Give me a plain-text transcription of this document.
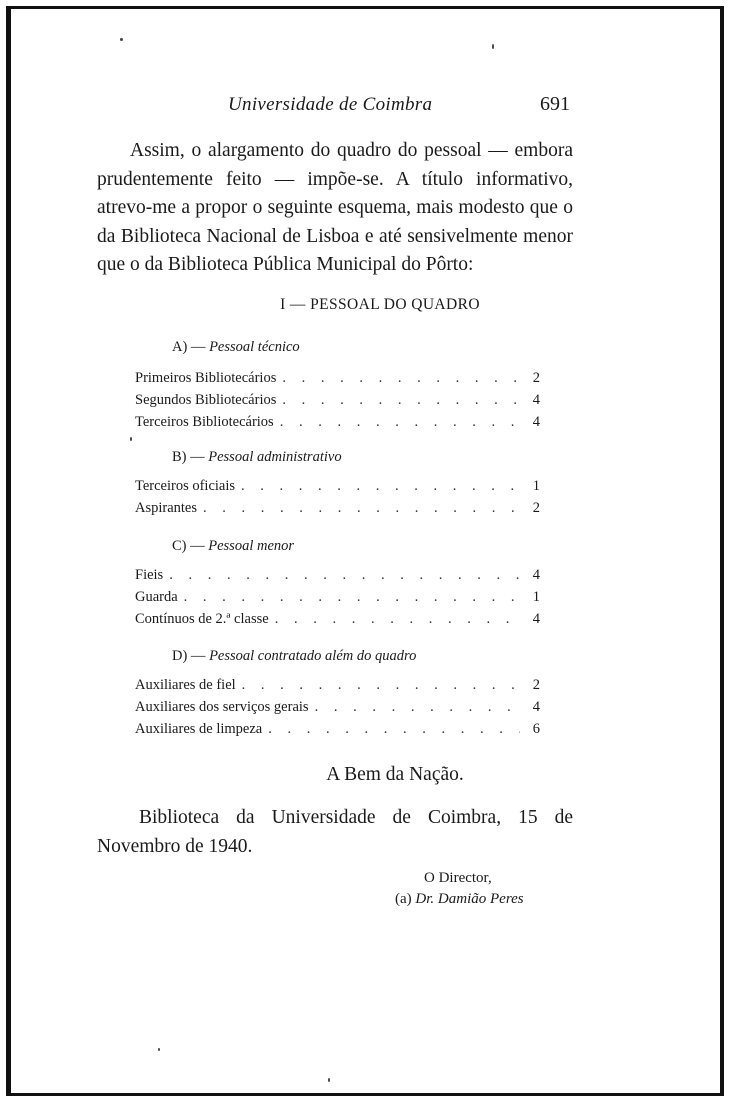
Universidade de Coimbra	691

Assim, o alargamento do quadro do pessoal — embora prudentemente feito — impõe-se. A título informativo, atrevo-me a propor o seguinte esquema, mais modesto que o da Biblioteca Nacional de Lisboa e até sensivelmente menor que o da Biblioteca Pública Municipal do Pôrto:

I — PESSOAL DO QUADRO
A) — Pessoal técnico
Primeiros Bibliotecários . . .	2
Segundos Bibliotecários . . .	4
Terceiros Bibliotecários . . .	4
B) — Pessoal administrativo
Terceiros oficiais . . .	1
Aspirantes . . .	2
C) — Pessoal menor
Fieis . . .	4
Guarda . . .	1
Contínuos de 2.ª classe . . .	4
D) — Pessoal contratado além do quadro
Auxiliares de fiel . . .	2
Auxiliares dos serviços gerais . . .	4
Auxiliares de limpeza . . .	6
A Bem da Nação.

Biblioteca da Universidade de Coimbra, 15 de Novembro de 1940.

O Director,
(a) Dr. Damião Peres
